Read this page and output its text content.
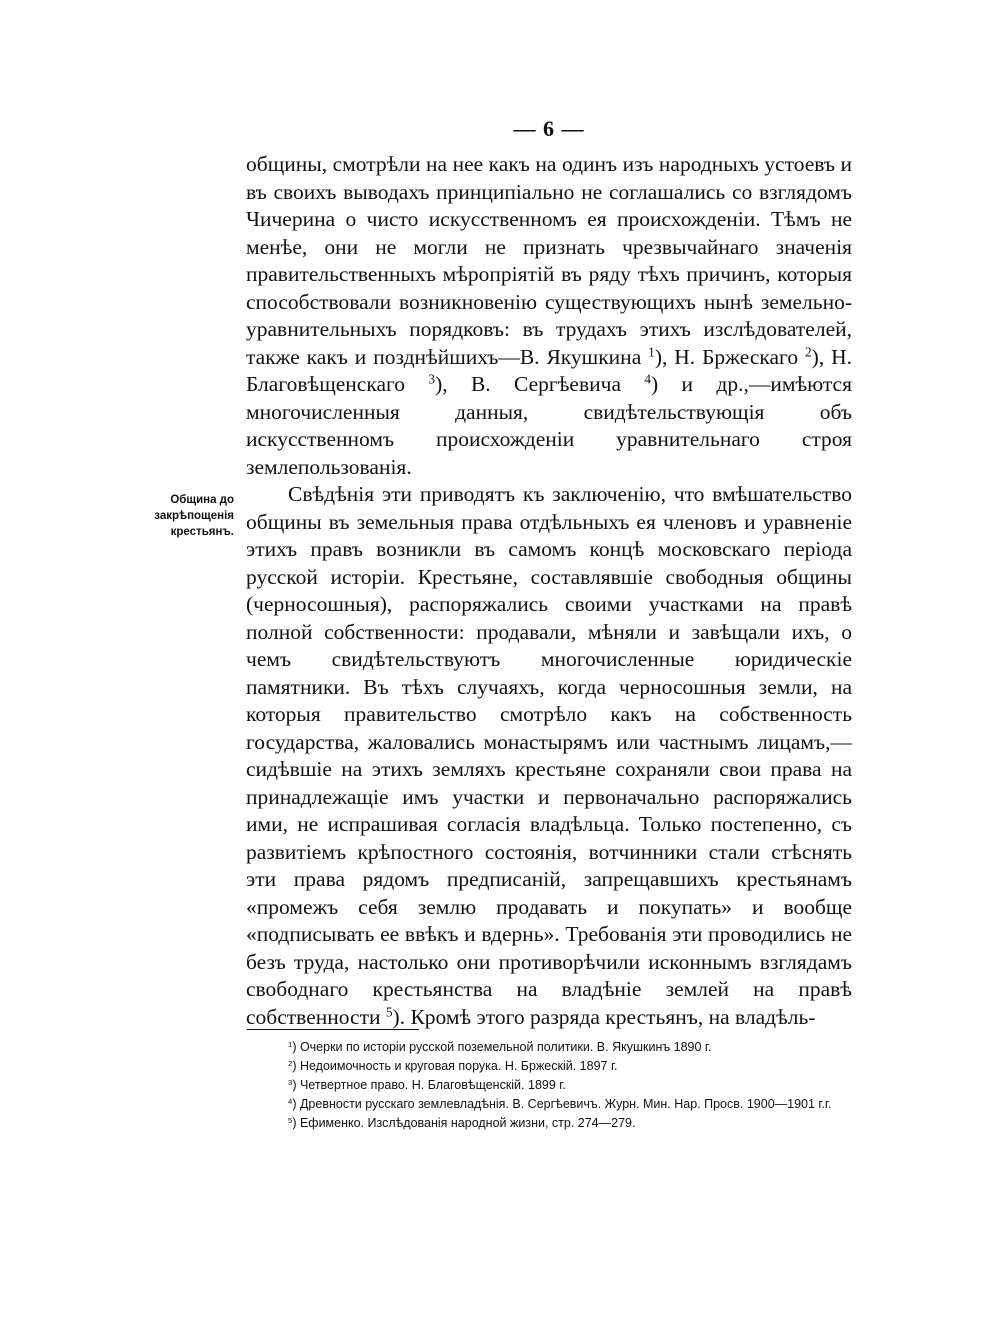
— 6 —
Община до закрѣпощенія крестьянъ.

общины, смотрѣли на нее какъ на одинъ изъ народныхъ устоевъ и въ своихъ выводахъ принципіально не соглашались со взглядомъ Чичерина о чисто искусственномъ ея происхожденіи. Тѣмъ не менѣе, они не могли не признать чрезвычайнаго значенія правительственныхъ мѣропріятій въ ряду тѣхъ причинъ, которыя способствовали возникновенію существующихъ нынѣ земельно-уравнительныхъ порядковъ: въ трудахъ этихъ изслѣдователей, также какъ и позднѣйшихъ—В. Якушкина $^1$), Н. Бржескаго $^2$), Н. Благовѣщенскаго $^3$), В. Сергѣевича $^4$) и др.,—имѣются многочисленныя данныя, свидѣтельствующія объ искусственномъ происхожденіи уравнительнаго строя землепользованія.

Свѣдѣнія эти приводятъ къ заключенію, что вмѣшательство общины въ земельныя права отдѣльныхъ ея членовъ и уравненіе этихъ правъ возникли въ самомъ концѣ московскаго періода русской исторіи. Крестьяне, составлявшіе свободныя общины (черносошныя), распоряжались своими участками на правѣ полной собственности: продавали, мѣняли и завѣщали ихъ, о чемъ свидѣтельствуютъ многочисленные юридическіе памятники. Въ тѣхъ случаяхъ, когда черносошныя земли, на которыя правительство смотрѣло какъ на собственность государства, жаловались монастырямъ или частнымъ лицамъ,—сидѣвшіе на этихъ земляхъ крестьяне сохраняли свои права на принадлежащіе имъ участки и первоначально распоряжались ими, не испрашивая согласія владѣльца. Только постепенно, съ развитіемъ крѣпостного состоянія, вотчинники стали стѣснять эти права рядомъ предписаній, запрещавшихъ крестьянамъ «промежъ себя землю продавать и покупать» и вообще «подписывать ее ввѣкъ и вдернь». Требованія эти проводились не безъ труда, настолько они противорѣчили исконнымъ взглядамъ свободнаго крестьянства на владѣніе землей на правѣ собственности $^5$). Кромѣ этого разряда крестьянъ, на владѣль-

$^1$) Очерки по исторіи русской поземельной политики. В. Якушкинъ 1890 г.
$^2$) Недоимочность и круговая порука. Н. Бржескій. 1897 г.
$^3$) Четвертное право. Н. Благовѣщенскій. 1899 г.
$^4$) Древности русскаго землевладѣнія. В. Сергѣевичъ. Журн. Мин. Нар. Просв. 1900—1901 г.г.
$^5$) Ефименко. Изслѣдованія народной жизни, стр. 274—279.
